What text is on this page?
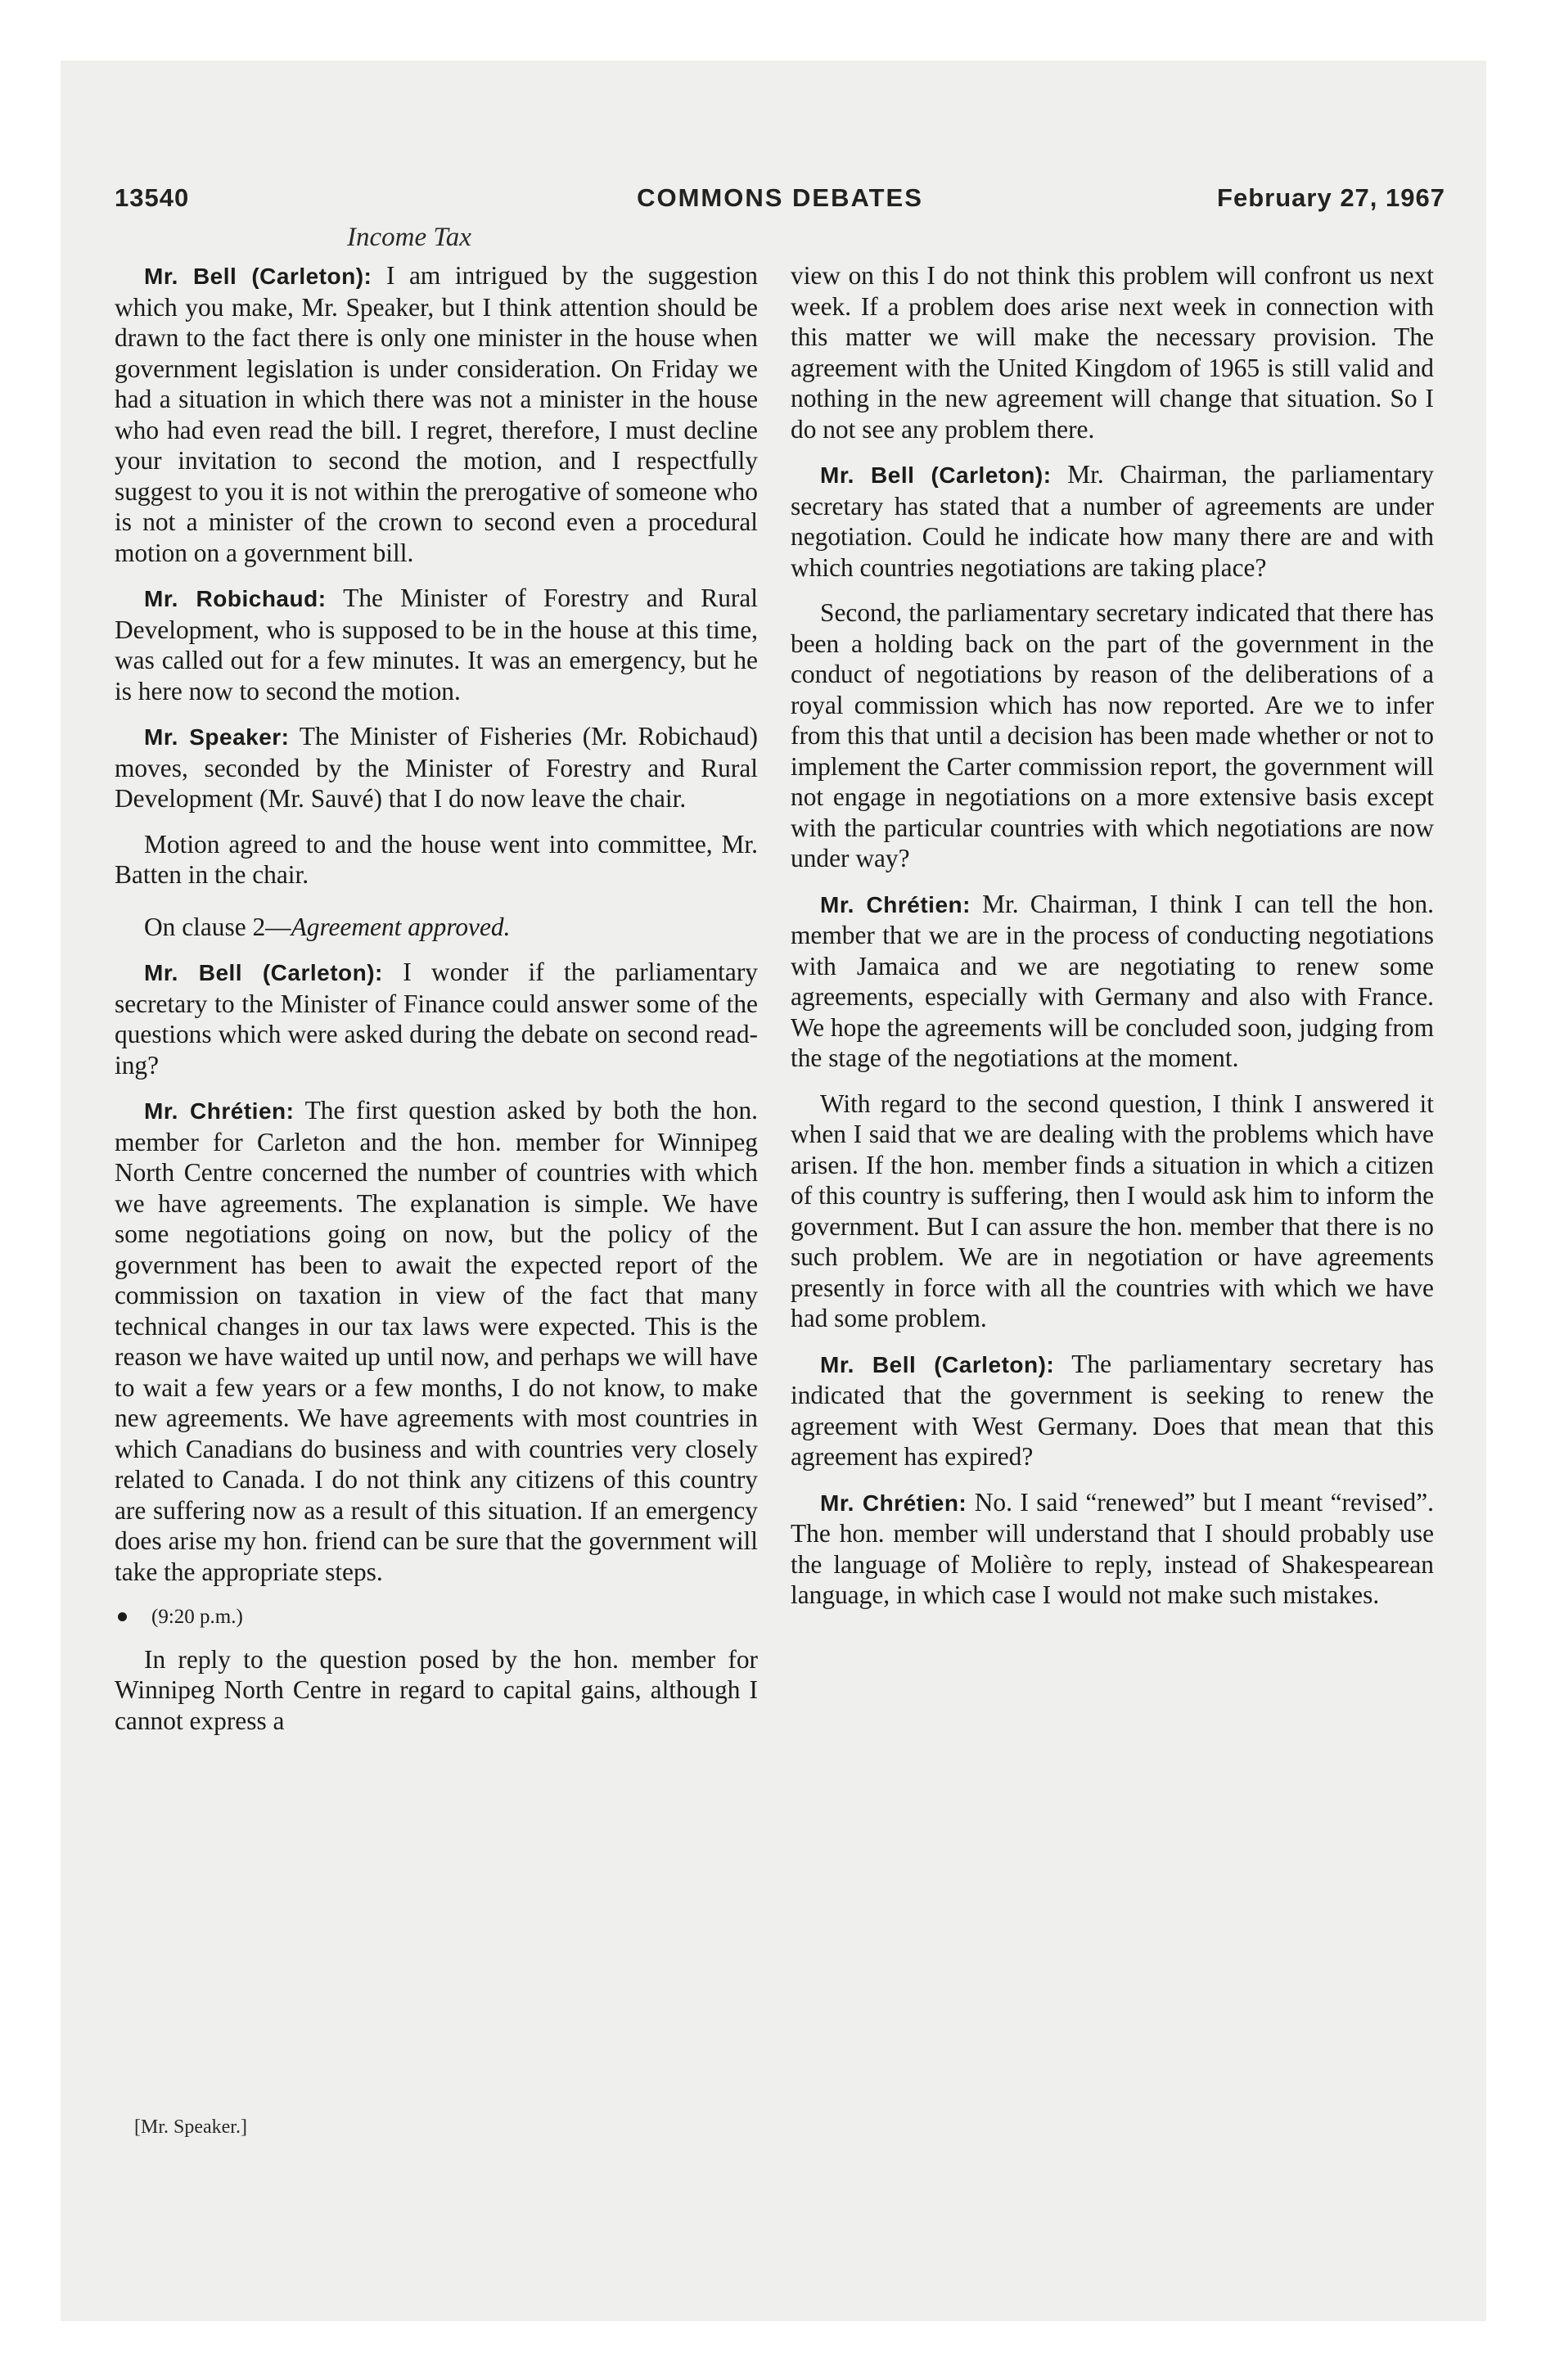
13540	COMMONS DEBATES	February 27, 1967
Income Tax

Mr. Bell (Carleton): I am intrigued by the suggestion which you make, Mr. Speaker, but I think attention should be drawn to the fact there is only one minister in the house when government legislation is under consideration. On Friday we had a situation in which there was not a minister in the house who had even read the bill. I regret, therefore, I must decline your invitation to second the motion, and I respectfully suggest to you it is not within the prerogative of someone who is not a minister of the crown to second even a procedural motion on a government bill.

Mr. Robichaud: The Minister of Forestry and Rural Development, who is supposed to be in the house at this time, was called out for a few minutes. It was an emergency, but he is here now to second the motion.

Mr. Speaker: The Minister of Fisheries (Mr. Robichaud) moves, seconded by the Minister of Forestry and Rural Development (Mr. Sauvé) that I do now leave the chair.

Motion agreed to and the house went into committee, Mr. Batten in the chair.

On clause 2—Agreement approved.

Mr. Bell (Carleton): I wonder if the parliamentary secretary to the Minister of Finance could answer some of the questions which were asked during the debate on second reading?

Mr. Chrétien: The first question asked by both the hon. member for Carleton and the hon. member for Winnipeg North Centre concerned the number of countries with which we have agreements. The explanation is simple. We have some negotiations going on now, but the policy of the government has been to await the expected report of the commission on taxation in view of the fact that many technical changes in our tax laws were expected. This is the reason we have waited up until now, and perhaps we will have to wait a few years or a few months, I do not know, to make new agreements. We have agreements with most countries in which Canadians do business and with countries very closely related to Canada. I do not think any citizens of this country are suffering now as a result of this situation. If an emergency does arise my hon. friend can be sure that the government will take the appropriate steps.

(9:20 p.m.)

In reply to the question posed by the hon. member for Winnipeg North Centre in regard to capital gains, although I cannot express a

view on this I do not think this problem will confront us next week. If a problem does arise next week in connection with this matter we will make the necessary provision. The agreement with the United Kingdom of 1965 is still valid and nothing in the new agreement will change that situation. So I do not see any problem there.

Mr. Bell (Carleton): Mr. Chairman, the parliamentary secretary has stated that a number of agreements are under negotiation. Could he indicate how many there are and with which countries negotiations are taking place?

Second, the parliamentary secretary indicated that there has been a holding back on the part of the government in the conduct of negotiations by reason of the deliberations of a royal commission which has now reported. Are we to infer from this that until a decision has been made whether or not to implement the Carter commission report, the government will not engage in negotiations on a more extensive basis except with the particular countries with which negotiations are now under way?

Mr. Chrétien: Mr. Chairman, I think I can tell the hon. member that we are in the process of conducting negotiations with Jamaica and we are negotiating to renew some agreements, especially with Germany and also with France. We hope the agreements will be concluded soon, judging from the stage of the negotiations at the moment.

With regard to the second question, I think I answered it when I said that we are dealing with the problems which have arisen. If the hon. member finds a situation in which a citizen of this country is suffering, then I would ask him to inform the government. But I can assure the hon. member that there is no such problem. We are in negotiation or have agreements presently in force with all the countries with which we have had some problem.

Mr. Bell (Carleton): The parliamentary secretary has indicated that the government is seeking to renew the agreement with West Germany. Does that mean that this agreement has expired?

Mr. Chrétien: No. I said “renewed” but I meant “revised”. The hon. member will understand that I should probably use the language of Molière to reply, instead of Shakespearean language, in which case I would not make such mistakes.

[Mr. Speaker.]
